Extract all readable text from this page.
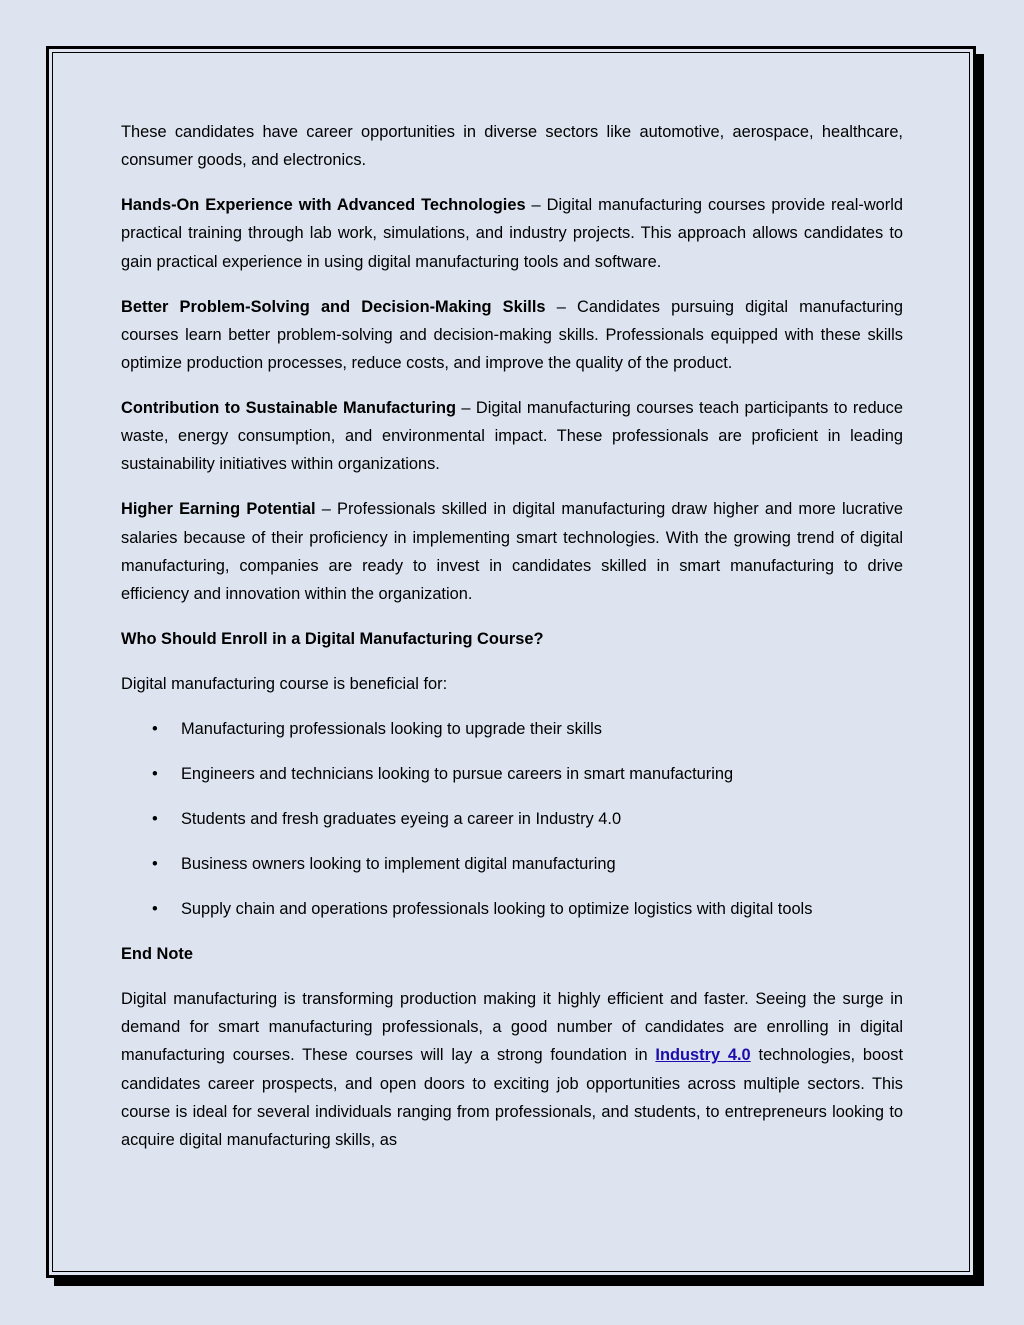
These candidates have career opportunities in diverse sectors like automotive, aerospace, healthcare, consumer goods, and electronics.

Hands-On Experience with Advanced Technologies – Digital manufacturing courses provide real-world practical training through lab work, simulations, and industry projects. This approach allows candidates to gain practical experience in using digital manufacturing tools and software.

Better Problem-Solving and Decision-Making Skills – Candidates pursuing digital manufacturing courses learn better problem-solving and decision-making skills. Professionals equipped with these skills optimize production processes, reduce costs, and improve the quality of the product.

Contribution to Sustainable Manufacturing – Digital manufacturing courses teach participants to reduce waste, energy consumption, and environmental impact. These professionals are proficient in leading sustainability initiatives within organizations.

Higher Earning Potential – Professionals skilled in digital manufacturing draw higher and more lucrative salaries because of their proficiency in implementing smart technologies. With the growing trend of digital manufacturing, companies are ready to invest in candidates skilled in smart manufacturing to drive efficiency and innovation within the organization.

Who Should Enroll in a Digital Manufacturing Course?

Digital manufacturing course is beneficial for:

• Manufacturing professionals looking to upgrade their skills
• Engineers and technicians looking to pursue careers in smart manufacturing
• Students and fresh graduates eyeing a career in Industry 4.0
• Business owners looking to implement digital manufacturing
• Supply chain and operations professionals looking to optimize logistics with digital tools

End Note

Digital manufacturing is transforming production making it highly efficient and faster. Seeing the surge in demand for smart manufacturing professionals, a good number of candidates are enrolling in digital manufacturing courses. These courses will lay a strong foundation in Industry 4.0 technologies, boost candidates career prospects, and open doors to exciting job opportunities across multiple sectors. This course is ideal for several individuals ranging from professionals, and students, to entrepreneurs looking to acquire digital manufacturing skills, as
